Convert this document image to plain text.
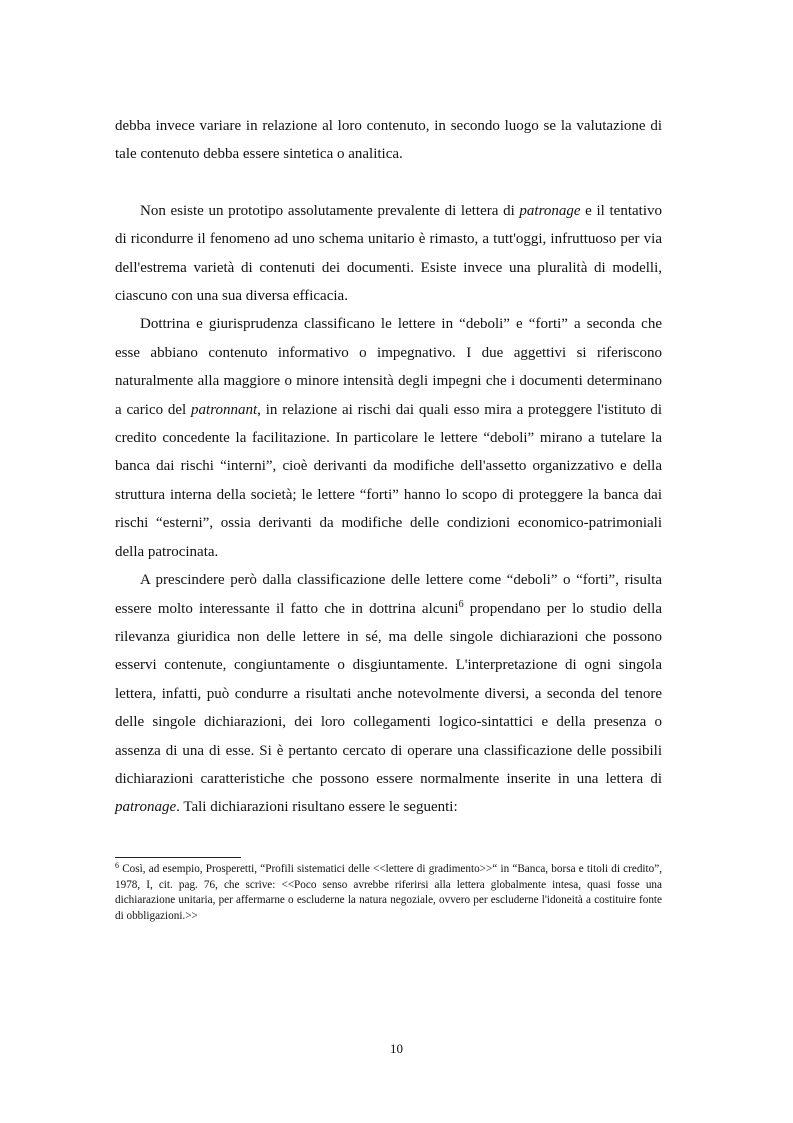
debba invece variare in relazione al loro contenuto, in secondo luogo se la valutazione di tale contenuto debba essere sintetica o analitica.

Non esiste un prototipo assolutamente prevalente di lettera di patronage e il tentativo di ricondurre il fenomeno ad uno schema unitario è rimasto, a tutt'oggi, infruttuoso per via dell'estrema varietà di contenuti dei documenti. Esiste invece una pluralità di modelli, ciascuno con una sua diversa efficacia.

Dottrina e giurisprudenza classificano le lettere in “deboli” e “forti” a seconda che esse abbiano contenuto informativo o impegnativo. I due aggettivi si riferiscono naturalmente alla maggiore o minore intensità degli impegni che i documenti determinano a carico del patronnant, in relazione ai rischi dai quali esso mira a proteggere l'istituto di credito concedente la facilitazione. In particolare le lettere “deboli” mirano a tutelare la banca dai rischi “interni”, cioè derivanti da modifiche dell'assetto organizzativo e della struttura interna della società; le lettere “forti” hanno lo scopo di proteggere la banca dai rischi “esterni”, ossia derivanti da modifiche delle condizioni economico-patrimoniali della patrocinata.

A prescindere però dalla classificazione delle lettere come “deboli” o “forti”, risulta essere molto interessante il fatto che in dottrina alcuni$^6$ propendano per lo studio della rilevanza giuridica non delle lettere in sé, ma delle singole dichiarazioni che possono esservi contenute, congiuntamente o disgiuntamente. L'interpretazione di ogni singola lettera, infatti, può condurre a risultati anche notevolmente diversi, a seconda del tenore delle singole dichiarazioni, dei loro collegamenti logico-sintattici e della presenza o assenza di una di esse. Si è pertanto cercato di operare una classificazione delle possibili dichiarazioni caratteristiche che possono essere normalmente inserite in una lettera di patronage. Tali dichiarazioni risultano essere le seguenti:

$^6$ Così, ad esempio, Prosperetti, “Profili sistematici delle <<lettere di gradimento>>“ in “Banca, borsa e titoli di credito”, 1978, I, cit. pag. 76, che scrive: <<Poco senso avrebbe riferirsi alla lettera globalmente intesa, quasi fosse una dichiarazione unitaria, per affermarne o escluderne la natura negoziale, ovvero per escluderne l'idoneità a costituire fonte di obbligazioni.>>

10
